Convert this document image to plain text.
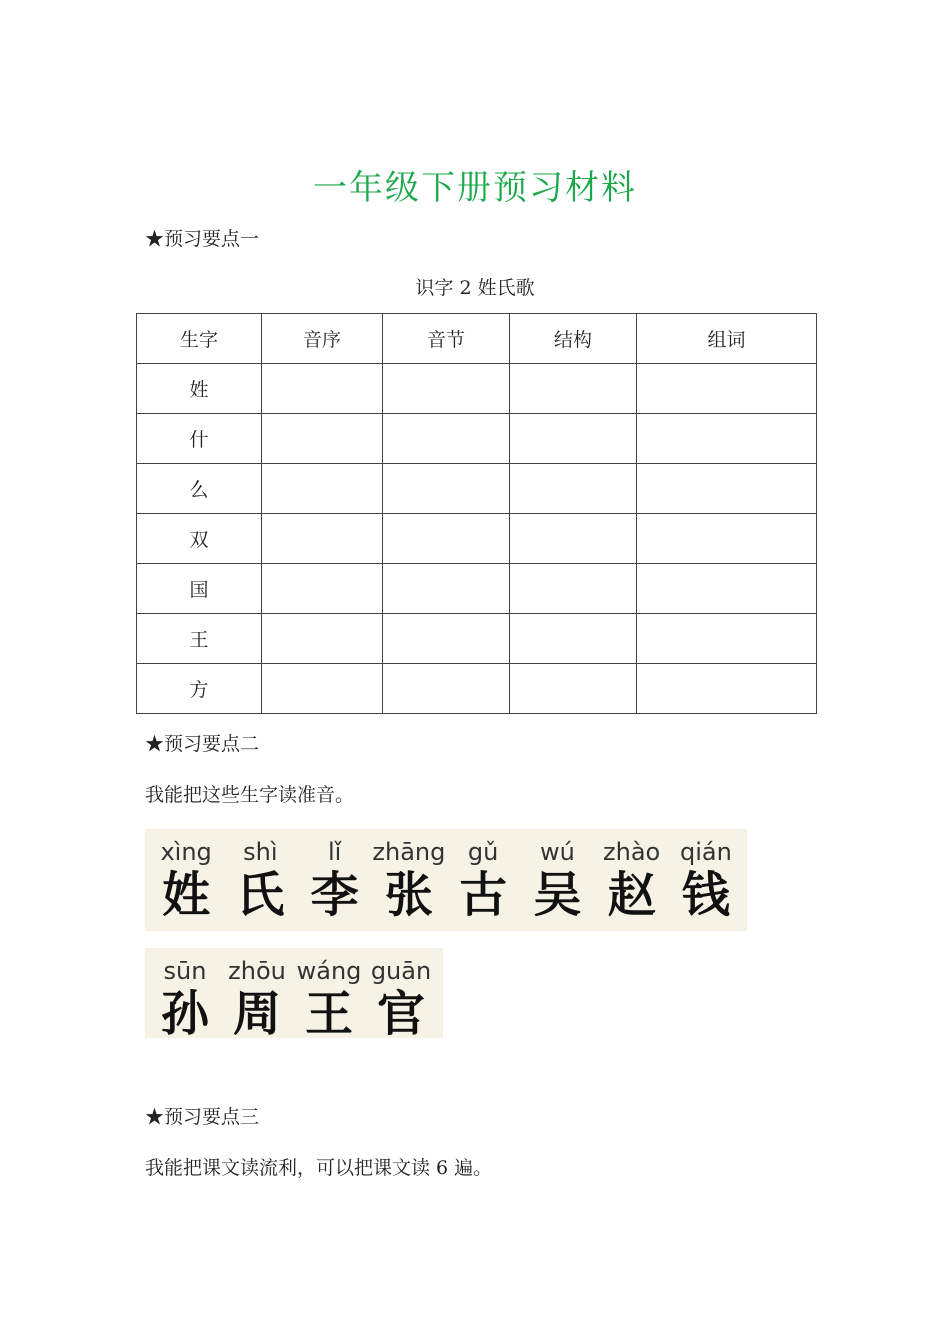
一年级下册预习材料
★预习要点一
识字 2 姓氏歌
生字	音序	音节	结构	组词
姓				
什				
么				
双				
国				
王				
方				
★预习要点二
我能把这些生字读准音。
xìng
姓
shì
氏
lǐ
李
zhāng
张
gǔ
古
wú
吴
zhào
赵
qián
钱
sūn
孙
zhōu
周
wáng
王
guān
官
★预习要点三
我能把课文读流利，可以把课文读 6 遍。
